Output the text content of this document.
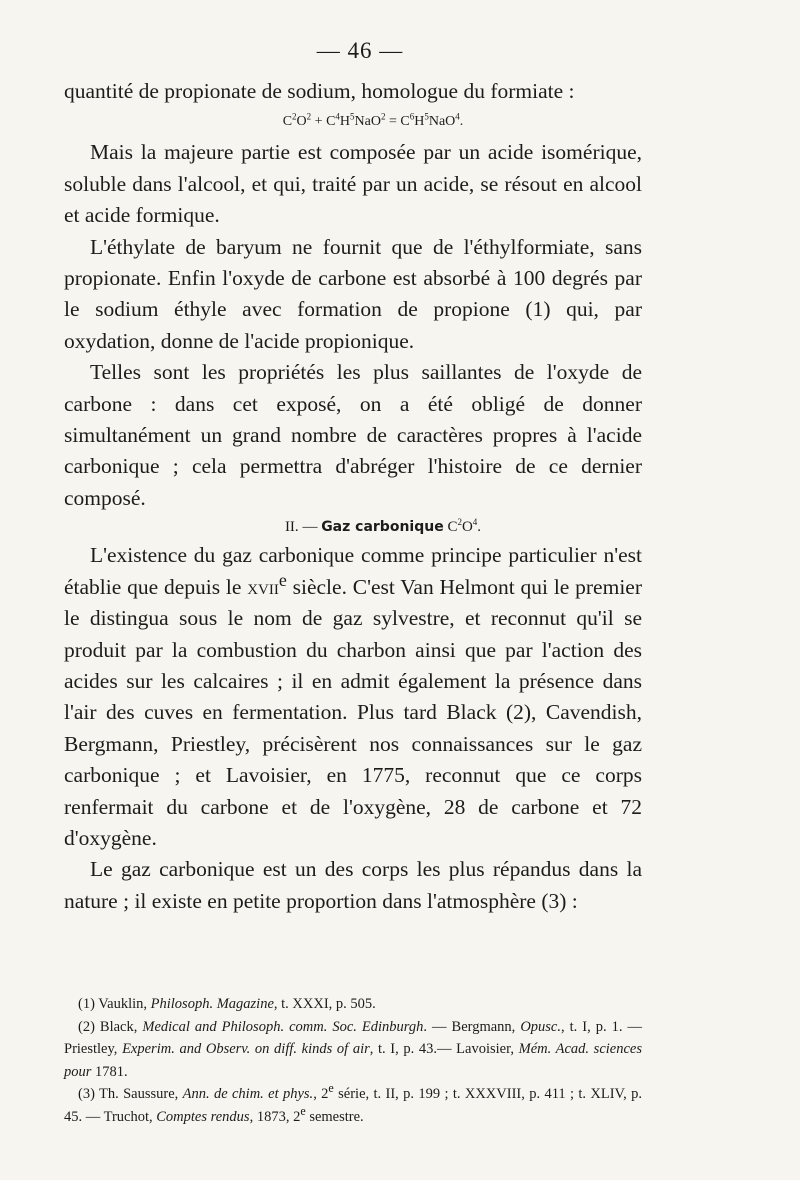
— 46 —

quantité de propionate de sodium, homologue du formiate :

$C^2O^2 + C^4H^5NaO^2 = C^6H^5NaO^4$.

Mais la majeure partie est composée par un acide isomérique, soluble dans l'alcool, et qui, traité par un acide, se résout en alcool et acide formique.

L'éthylate de baryum ne fournit que de l'éthylformiate, sans propionate. Enfin l'oxyde de carbone est absorbé à 100 degrés par le sodium éthyle avec formation de propione (1) qui, par oxydation, donne de l'acide propionique.

Telles sont les propriétés les plus saillantes de l'oxyde de carbone : dans cet exposé, on a été obligé de donner simultanément un grand nombre de caractères propres à l'acide carbonique ; cela permettra d'abréger l'histoire de ce dernier composé.

II. — Gaz carbonique $C^2O^4$.

L'existence du gaz carbonique comme principe particulier n'est établie que depuis le xvii$^e$ siècle. C'est Van Helmont qui le premier le distingua sous le nom de gaz sylvestre, et reconnut qu'il se produit par la combustion du charbon ainsi que par l'action des acides sur les calcaires ; il en admit également la présence dans l'air des cuves en fermentation. Plus tard Black (2), Cavendish, Bergmann, Priestley, précisèrent nos connaissances sur le gaz carbonique ; et Lavoisier, en 1775, reconnut que ce corps renfermait du carbone et de l'oxygène, 28 de carbone et 72 d'oxygène.

Le gaz carbonique est un des corps les plus répandus dans la nature ; il existe en petite proportion dans l'atmosphère (3) :

(1) Vauklin, Philosoph. Magazine, t. XXXI, p. 505.

(2) Black, Medical and Philosoph. comm. Soc. Edinburgh. — Bergmann, Opusc., t. I, p. 1. — Priestley, Experim. and Observ. on diff. kinds of air, t. I, p. 43.— Lavoisier, Mém. Acad. sciences pour 1781.

(3) Th. Saussure, Ann. de chim. et phys., 2e série, t. II, p. 199 ; t. XXXVIII, p. 411 ; t. XLIV, p. 45. — Truchot, Comptes rendus, 1873, 2e semestre.
